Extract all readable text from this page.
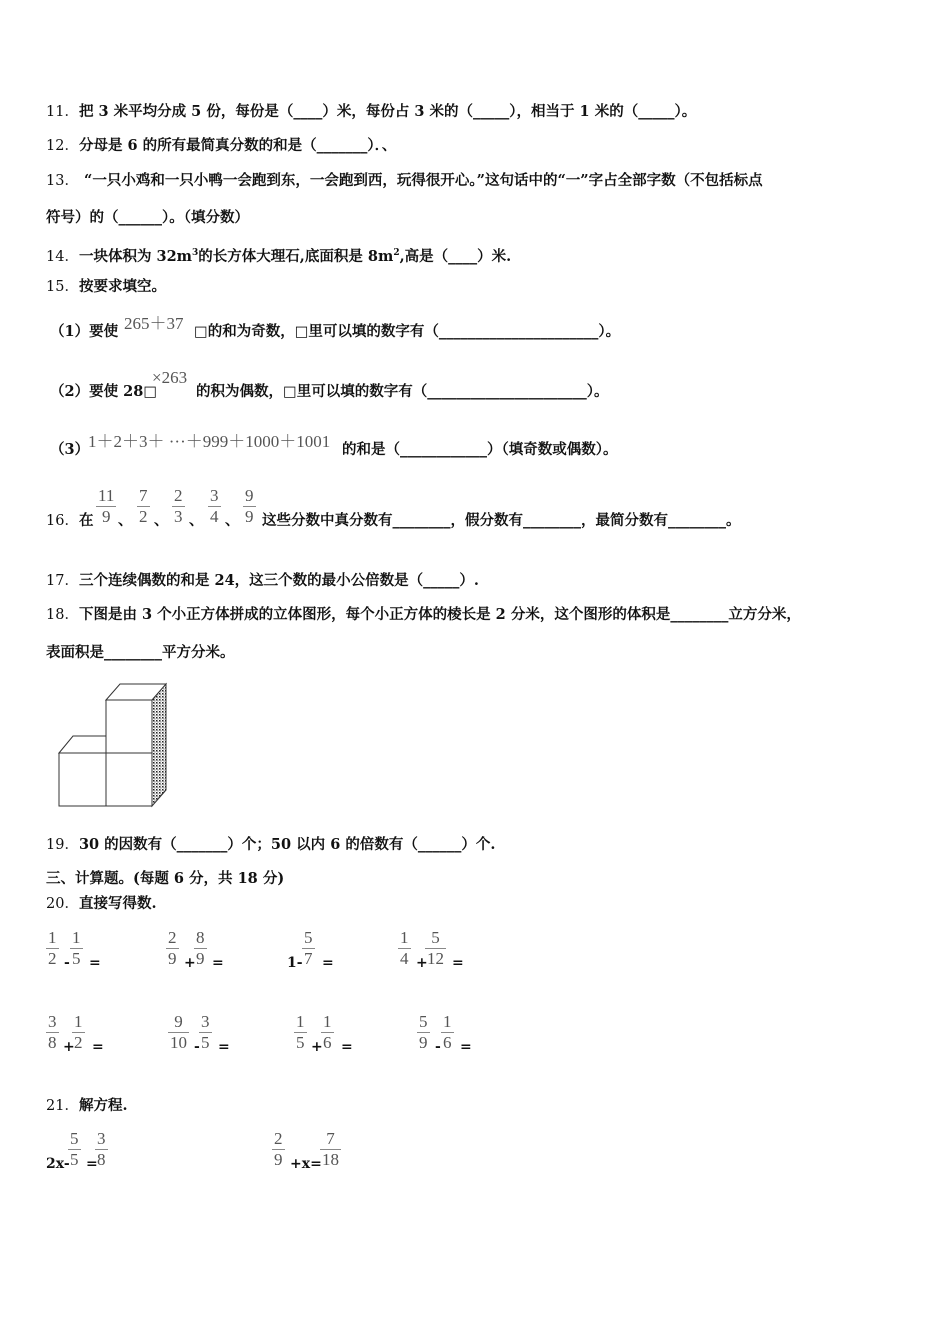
11．把 3 米平均分成 5 份，每份是（____）米，每份占 3 米的（_____），相当于 1 米的（_____）。
12．分母是 6 的所有最简真分数的和是（_______）．、
13． “一只小鸡和一只小鸭一会跑到东，一会跑到西，玩得很开心。”这句话中的“一”字占全部字数（不包括标点
符号）的（______）。（填分数）
14．一块体积为 $32m^3$的长方体大理石,底面积是 $8m^2$,高是（____）米.
15．按要求填空。
（1）要使 265＋37 □的和为奇数，□里可以填的数字有（______________________）。
（2）要使 28□
×263
的积为偶数，□里可以填的数字有（______________________）。
（3）
1＋2＋3＋ ···＋999＋1000＋1001 的和是（____________）（填奇数或偶数）。
16．在
11
9 、
7
2 、
2
3 、
3
4 、
9
9 这些分数中真分数有________，假分数有________，最简分数有________。
17．三个连续偶数的和是 24，这三个数的最小公倍数是（_____）.
18．下图是由 3 个小正方体拼成的立体图形，每个小正方体的棱长是 2 分米，这个图形的体积是________立方分米，
表面积是________平方分米。
19．30 的因数有（_______）个；50 以内 6 的倍数有（______）个.
三、计算题。(每题 6 分，共 18 分)
20．直接写得数.
1
2 -
1
5 =
2
9 +
8
9 =	1-
5
7 =
1
4 +
5
12 =
3
8 +
1
2 =
9
10 -
3
5 =
1
5 +
1
6 =
5
9 -
1
6 =
21．解方程.
2x-
5
5 =
3
8
2
9 +x=
7
18
